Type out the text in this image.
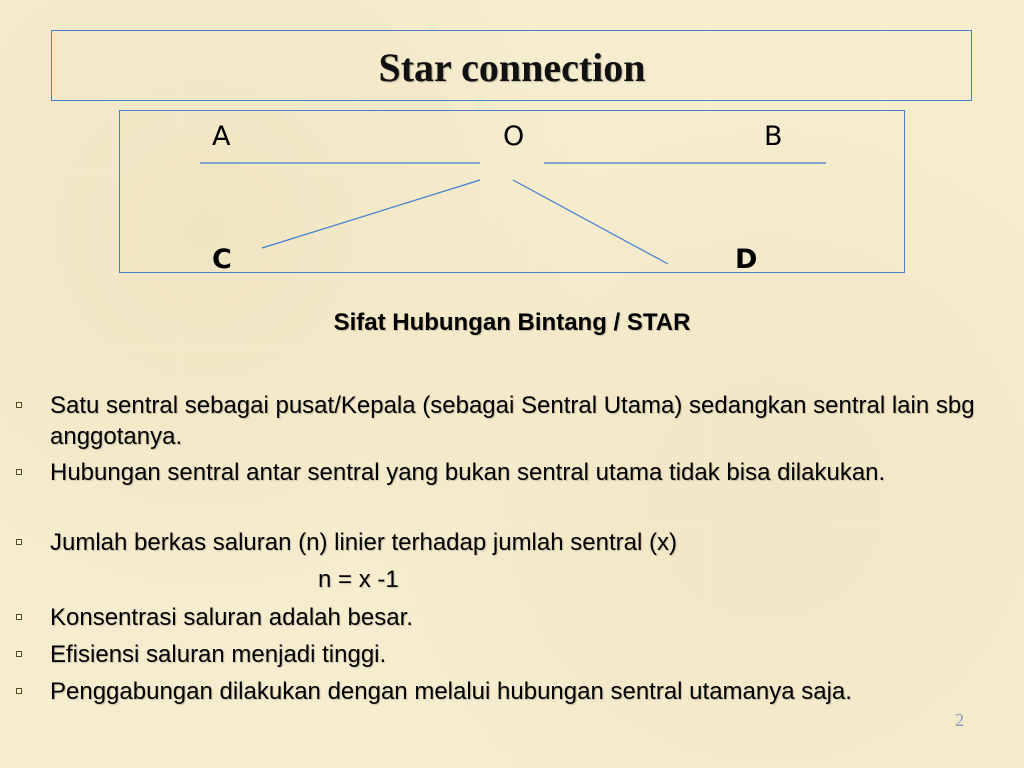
Star connection
A	O	B
C	D
Sifat Hubungan Bintang / STAR
Satu sentral sebagai pusat/Kepala (sebagai Sentral Utama) sedangkan sentral lain sbg anggotanya.
Hubungan sentral antar sentral yang bukan sentral utama tidak bisa dilakukan.
Jumlah berkas saluran (n) linier terhadap jumlah sentral (x)
Konsentrasi saluran adalah besar.
Efisiensi saluran menjadi tinggi.
Penggabungan dilakukan dengan melalui hubungan sentral utamanya saja.
n = x -1
2
